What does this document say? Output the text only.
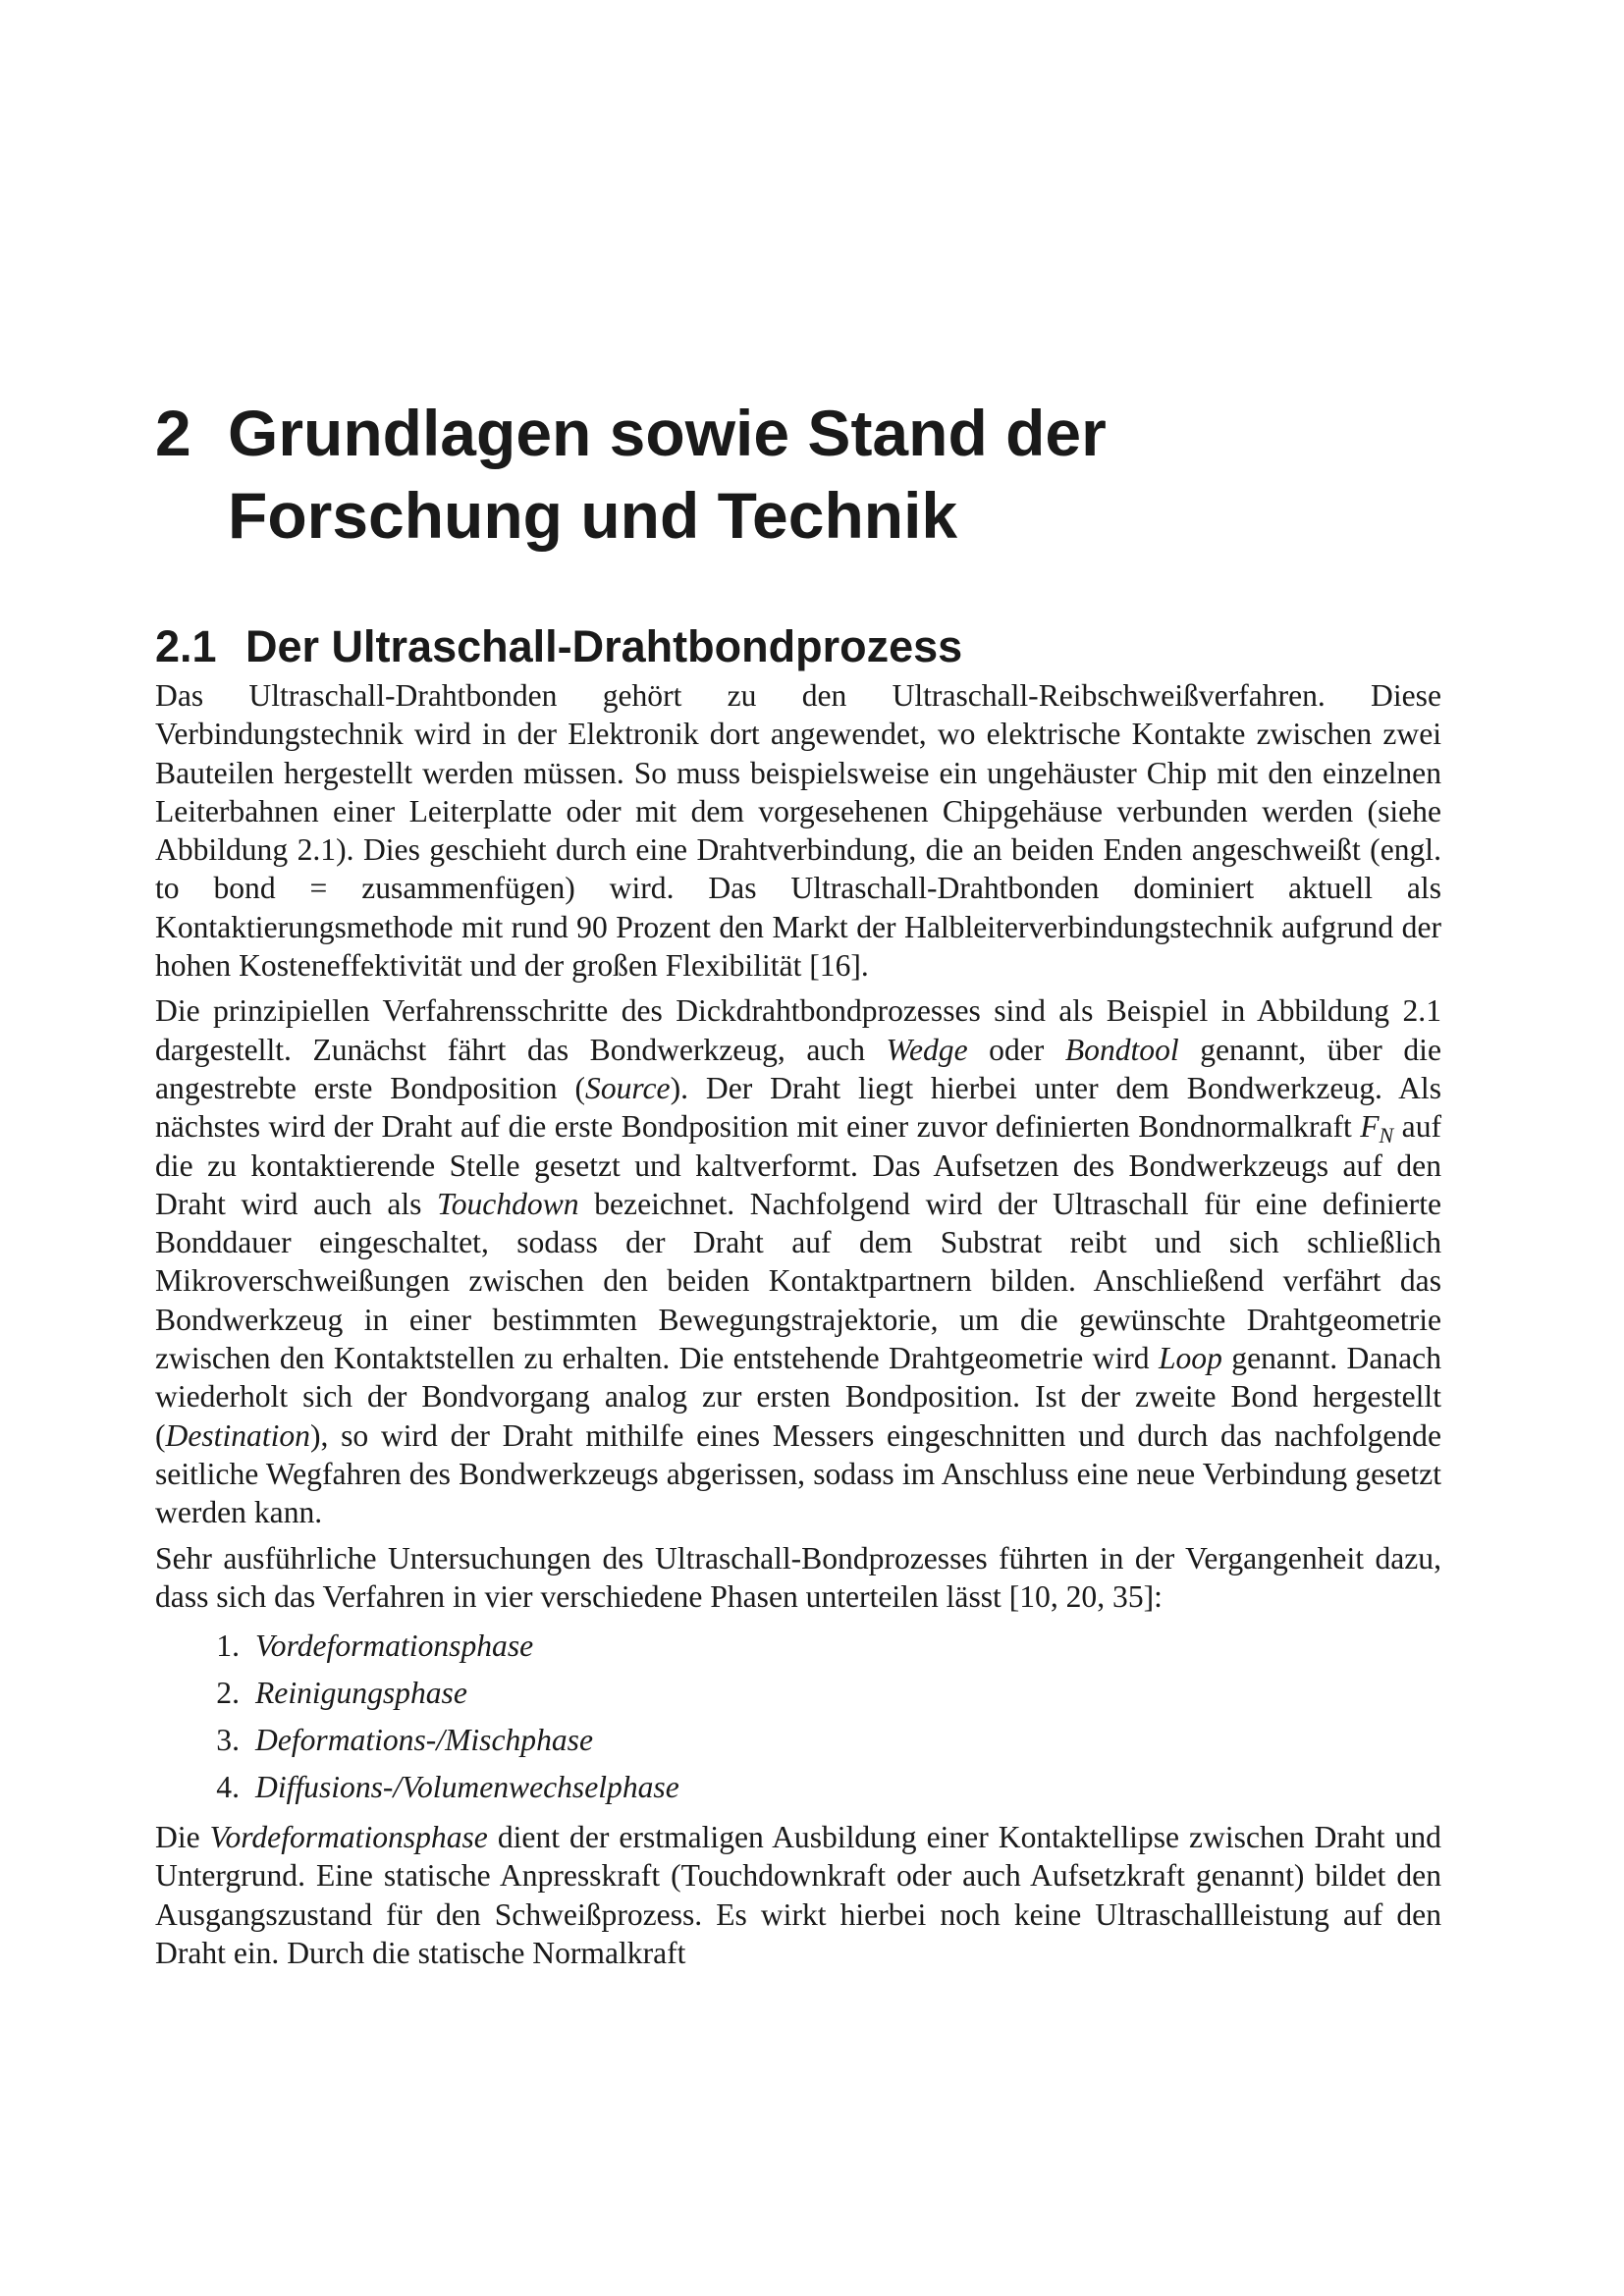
2 Grundlagen sowie Stand der
Forschung und Technik
2.1 Der Ultraschall-Drahtbondprozess

Das Ultraschall-Drahtbonden gehört zu den Ultraschall-Reibschweißverfahren. Diese Verbindungstechnik wird in der Elektronik dort angewendet, wo elektrische Kontakte zwischen zwei Bauteilen hergestellt werden müssen. So muss beispielsweise ein ungehäuster Chip mit den einzelnen Leiterbahnen einer Leiterplatte oder mit dem vorgesehenen Chipgehäuse verbunden werden (siehe Abbildung 2.1). Dies geschieht durch eine Drahtverbindung, die an beiden Enden angeschweißt (engl. to bond = zusammenfügen) wird. Das Ultraschall-Drahtbonden dominiert aktuell als Kontaktierungsmethode mit rund 90 Prozent den Markt der Halbleiterverbindungstechnik aufgrund der hohen Kosteneffektivität und der großen Flexibilität [16].

Die prinzipiellen Verfahrensschritte des Dickdrahtbondprozesses sind als Beispiel in Abbildung 2.1 dargestellt. Zunächst fährt das Bondwerkzeug, auch Wedge oder Bondtool genannt, über die angestrebte erste Bondposition (Source). Der Draht liegt hierbei unter dem Bondwerkzeug. Als nächstes wird der Draht auf die erste Bondposition mit einer zuvor definierten Bondnormalkraft $F_N$ auf die zu kontaktierende Stelle gesetzt und kaltverformt. Das Aufsetzen des Bondwerkzeugs auf den Draht wird auch als Touchdown bezeichnet. Nachfolgend wird der Ultraschall für eine definierte Bonddauer eingeschaltet, sodass der Draht auf dem Substrat reibt und sich schließlich Mikroverschweißungen zwischen den beiden Kontaktpartnern bilden. Anschließend verfährt das Bondwerkzeug in einer bestimmten Bewegungstrajektorie, um die gewünschte Drahtgeometrie zwischen den Kontaktstellen zu erhalten. Die entstehende Drahtgeometrie wird Loop genannt. Danach wiederholt sich der Bondvorgang analog zur ersten Bondposition. Ist der zweite Bond hergestellt (Destination), so wird der Draht mithilfe eines Messers eingeschnitten und durch das nachfolgende seitliche Wegfahren des Bondwerkzeugs abgerissen, sodass im Anschluss eine neue Verbindung gesetzt werden kann.

Sehr ausführliche Untersuchungen des Ultraschall-Bondprozesses führten in der Vergangenheit dazu, dass sich das Verfahren in vier verschiedene Phasen unterteilen lässt [10, 20, 35]:

1. Vordeformationsphase
2. Reinigungsphase
3. Deformations-/Mischphase
4. Diffusions-/Volumenwechselphase

Die Vordeformationsphase dient der erstmaligen Ausbildung einer Kontaktellipse zwischen Draht und Untergrund. Eine statische Anpresskraft (Touchdownkraft oder auch Aufsetzkraft genannt) bildet den Ausgangszustand für den Schweißprozess. Es wirkt hierbei noch keine Ultraschallleistung auf den Draht ein. Durch die statische Normalkraft
